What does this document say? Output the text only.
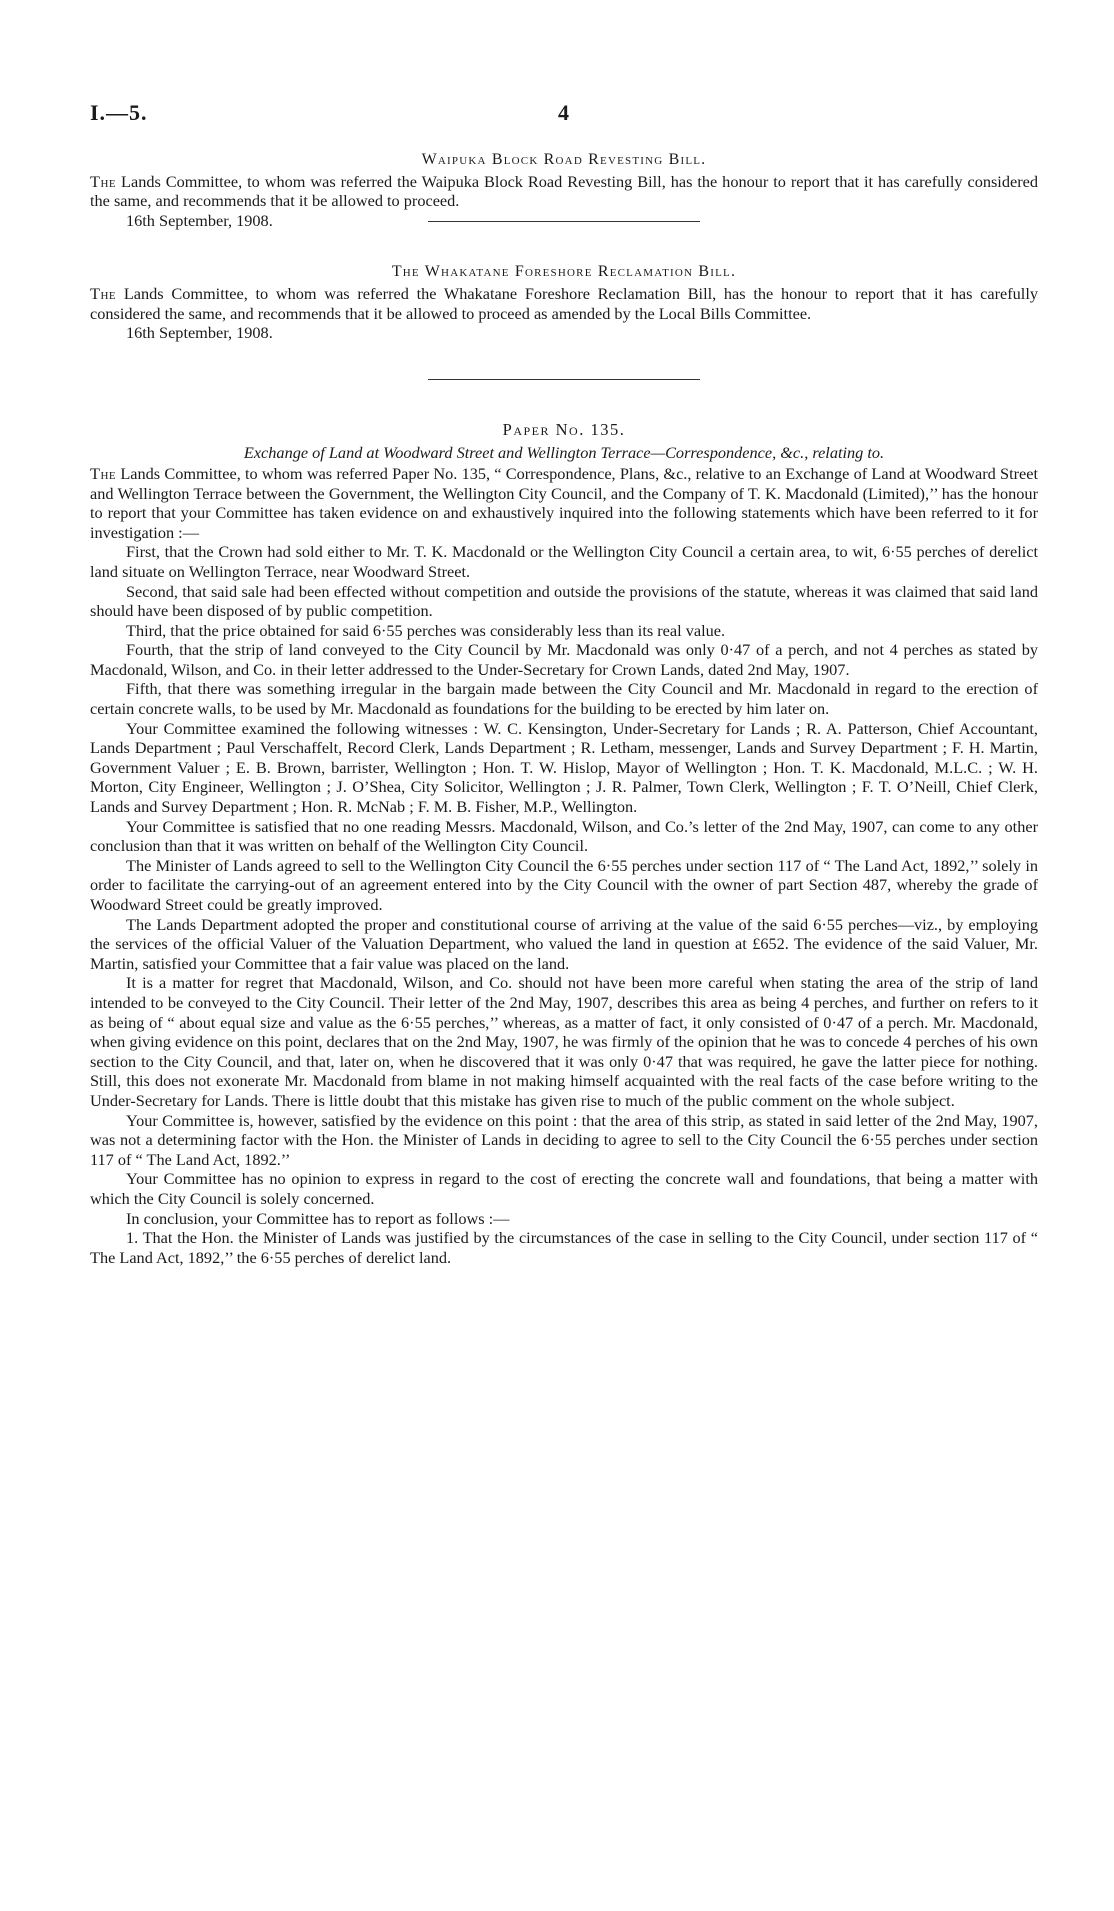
I.—5.	4

Waipuka Block Road Revesting Bill.

The Lands Committee, to whom was referred the Waipuka Block Road Revesting Bill, has the honour to report that it has carefully considered the same, and recommends that it be allowed to proceed.

16th September, 1908.

The Whakatane Foreshore Reclamation Bill.

The Lands Committee, to whom was referred the Whakatane Foreshore Reclamation Bill, has the honour to report that it has carefully considered the same, and recommends that it be allowed to proceed as amended by the Local Bills Committee.

16th September, 1908.

Paper No. 135.

Exchange of Land at Woodward Street and Wellington Terrace—Correspondence, &c., relating to.

The Lands Committee, to whom was referred Paper No. 135, “ Correspondence, Plans, &c., relative to an Exchange of Land at Woodward Street and Wellington Terrace between the Government, the Wellington City Council, and the Company of T. K. Macdonald (Limited),’’ has the honour to report that your Committee has taken evidence on and exhaustively inquired into the following statements which have been referred to it for investigation :—

First, that the Crown had sold either to Mr. T. K. Macdonald or the Wellington City Council a certain area, to wit, 6·55 perches of derelict land situate on Wellington Terrace, near Woodward Street.

Second, that said sale had been effected without competition and outside the provisions of the statute, whereas it was claimed that said land should have been disposed of by public competition.

Third, that the price obtained for said 6·55 perches was considerably less than its real value.

Fourth, that the strip of land conveyed to the City Council by Mr. Macdonald was only 0·47 of a perch, and not 4 perches as stated by Macdonald, Wilson, and Co. in their letter addressed to the Under-Secretary for Crown Lands, dated 2nd May, 1907.

Fifth, that there was something irregular in the bargain made between the City Council and Mr. Macdonald in regard to the erection of certain concrete walls, to be used by Mr. Macdonald as foundations for the building to be erected by him later on.

Your Committee examined the following witnesses : W. C. Kensington, Under-Secretary for Lands ; R. A. Patterson, Chief Accountant, Lands Department ; Paul Verschaffelt, Record Clerk, Lands Department ; R. Letham, messenger, Lands and Survey Department ; F. H. Martin, Government Valuer ; E. B. Brown, barrister, Wellington ; Hon. T. W. Hislop, Mayor of Wellington ; Hon. T. K. Macdonald, M.L.C. ; W. H. Morton, City Engineer, Wellington ; J. O’Shea, City Solicitor, Wellington ; J. R. Palmer, Town Clerk, Wellington ; F. T. O’Neill, Chief Clerk, Lands and Survey Department ; Hon. R. McNab ; F. M. B. Fisher, M.P., Wellington.

Your Committee is satisfied that no one reading Messrs. Macdonald, Wilson, and Co.’s letter of the 2nd May, 1907, can come to any other conclusion than that it was written on behalf of the Wellington City Council.

The Minister of Lands agreed to sell to the Wellington City Council the 6·55 perches under section 117 of “ The Land Act, 1892,’’ solely in order to facilitate the carrying-out of an agreement entered into by the City Council with the owner of part Section 487, whereby the grade of Woodward Street could be greatly improved.

The Lands Department adopted the proper and constitutional course of arriving at the value of the said 6·55 perches—viz., by employing the services of the official Valuer of the Valuation Department, who valued the land in question at £652. The evidence of the said Valuer, Mr. Martin, satisfied your Committee that a fair value was placed on the land.

It is a matter for regret that Macdonald, Wilson, and Co. should not have been more careful when stating the area of the strip of land intended to be conveyed to the City Council. Their letter of the 2nd May, 1907, describes this area as being 4 perches, and further on refers to it as being of “ about equal size and value as the 6·55 perches,’’ whereas, as a matter of fact, it only consisted of 0·47 of a perch. Mr. Macdonald, when giving evidence on this point, declares that on the 2nd May, 1907, he was firmly of the opinion that he was to concede 4 perches of his own section to the City Council, and that, later on, when he discovered that it was only 0·47 that was required, he gave the latter piece for nothing. Still, this does not exonerate Mr. Macdonald from blame in not making himself acquainted with the real facts of the case before writing to the Under-Secretary for Lands. There is little doubt that this mistake has given rise to much of the public comment on the whole subject.

Your Committee is, however, satisfied by the evidence on this point : that the area of this strip, as stated in said letter of the 2nd May, 1907, was not a determining factor with the Hon. the Minister of Lands in deciding to agree to sell to the City Council the 6·55 perches under section 117 of “ The Land Act, 1892.’’

Your Committee has no opinion to express in regard to the cost of erecting the concrete wall and foundations, that being a matter with which the City Council is solely concerned.

In conclusion, your Committee has to report as follows :—

1. That the Hon. the Minister of Lands was justified by the circumstances of the case in selling to the City Council, under section 117 of “ The Land Act, 1892,’’ the 6·55 perches of derelict land.
